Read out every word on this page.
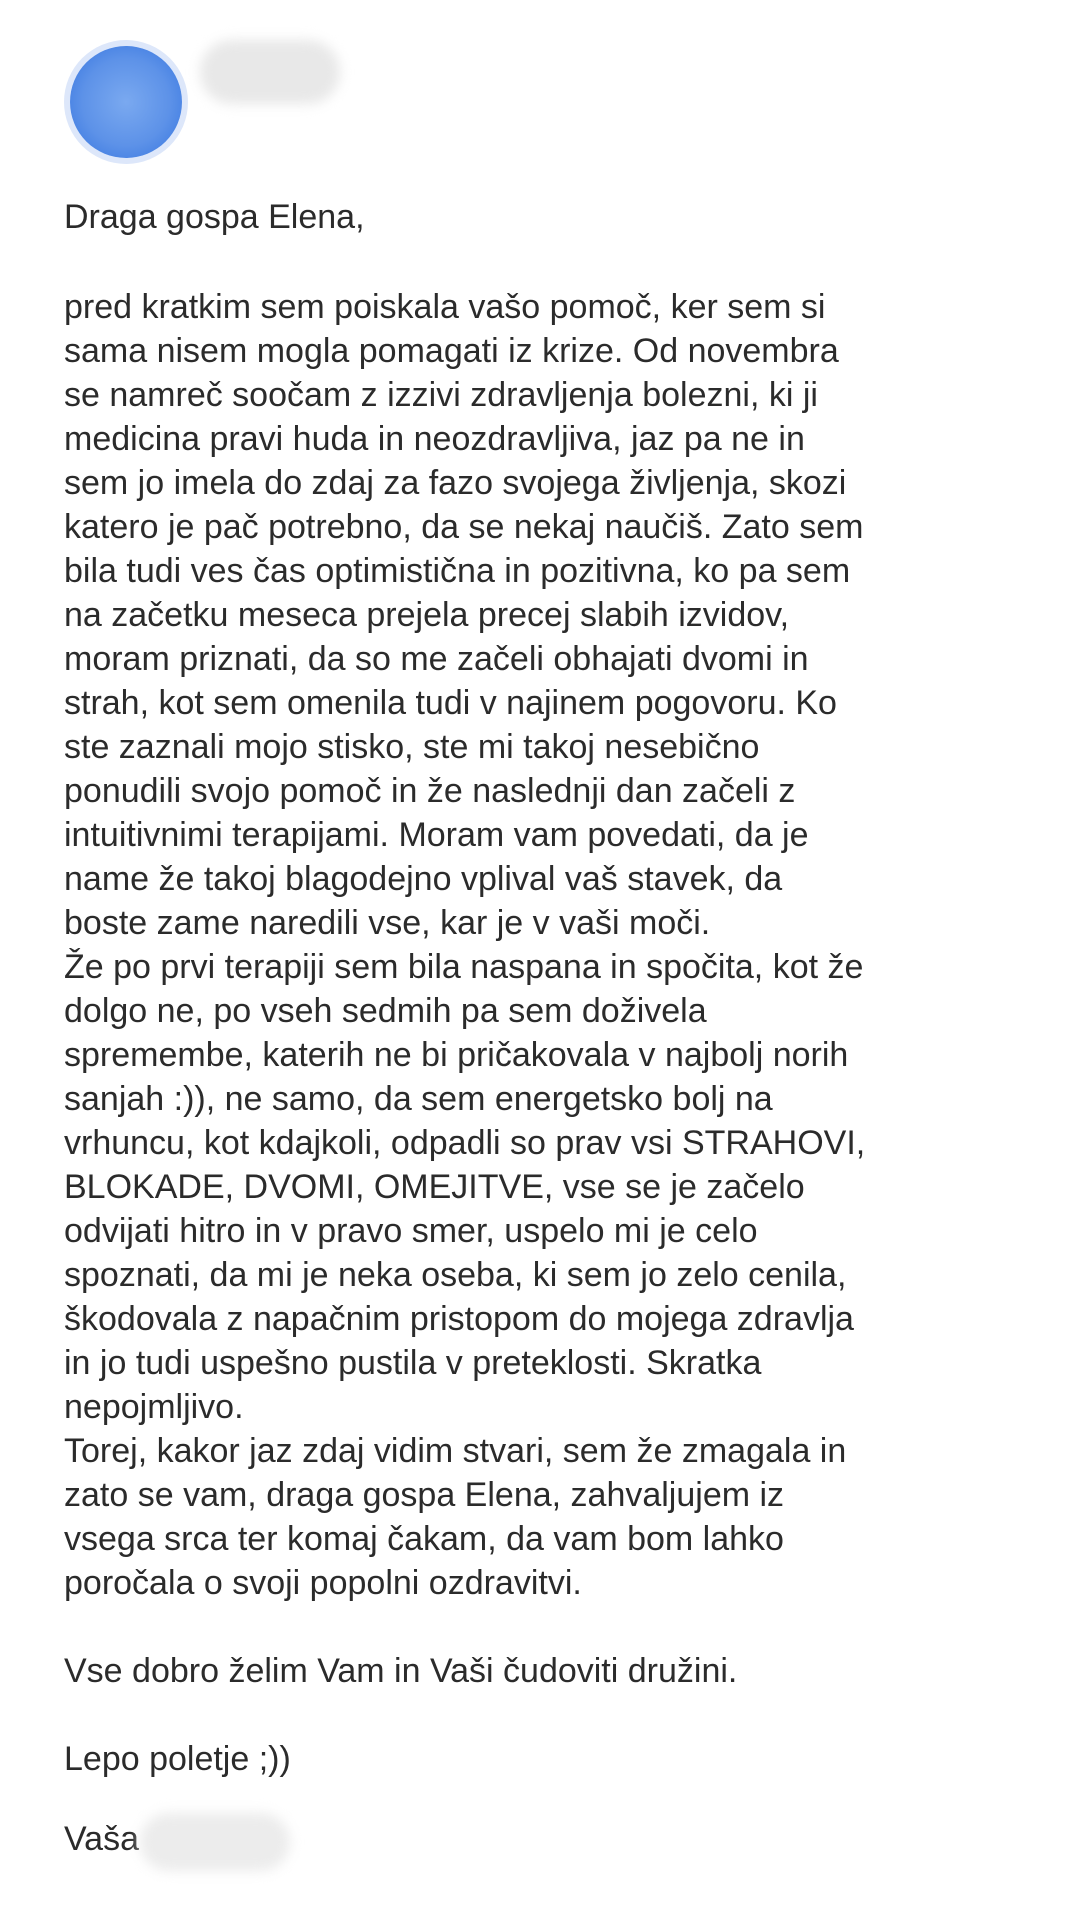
Draga gospa Elena,

pred kratkim sem poiskala vašo pomoč, ker sem si
sama nisem mogla pomagati iz krize. Od novembra
se namreč soočam z izzivi zdravljenja bolezni, ki ji
medicina pravi huda in neozdravljiva, jaz pa ne in
sem jo imela do zdaj za fazo svojega življenja, skozi
katero je pač potrebno, da se nekaj naučiš. Zato sem
bila tudi ves čas optimistična in pozitivna, ko pa sem
na začetku meseca prejela precej slabih izvidov,
moram priznati, da so me začeli obhajati dvomi in
strah, kot sem omenila tudi v najinem pogovoru. Ko
ste zaznali mojo stisko, ste mi takoj nesebično
ponudili svojo pomoč in že naslednji dan začeli z
intuitivnimi terapijami. Moram vam povedati, da je
name že takoj blagodejno vplival vaš stavek, da
boste zame naredili vse, kar je v vaši moči.

Že po prvi terapiji sem bila naspana in spočita, kot že
dolgo ne, po vseh sedmih pa sem doživela
spremembe, katerih ne bi pričakovala v najbolj norih
sanjah :)), ne samo, da sem energetsko bolj na
vrhuncu, kot kdajkoli, odpadli so prav vsi STRAHOVI,
BLOKADE, DVOMI, OMEJITVE, vse se je začelo
odvijati hitro in v pravo smer, uspelo mi je celo
spoznati, da mi je neka oseba, ki sem jo zelo cenila,
škodovala z napačnim pristopom do mojega zdravlja
in jo tudi uspešno pustila v preteklosti. Skratka
nepojmljivo.

Torej, kakor jaz zdaj vidim stvari, sem že zmagala in
zato se vam, draga gospa Elena, zahvaljujem iz
vsega srca ter komaj čakam, da vam bom lahko
poročala o svoji popolni ozdravitvi.

Vse dobro želim Vam in Vaši čudoviti družini.

Lepo poletje ;))

Vaša
